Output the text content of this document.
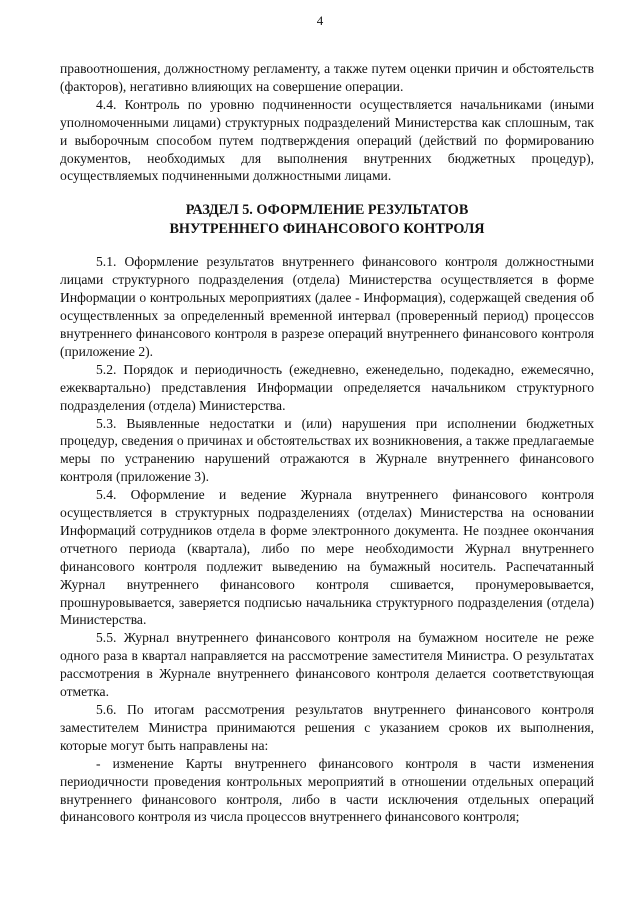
4

правоотношения, должностному регламенту, а также путем оценки причин и обстоятельств (факторов), негативно влияющих на совершение операции.

4.4. Контроль по уровню подчиненности осуществляется начальниками (иными уполномоченными лицами) структурных подразделений Министерства как сплошным, так и выборочным способом путем подтверждения операций (действий по формированию документов, необходимых для выполнения внутренних бюджетных процедур), осуществляемых подчиненными должностными лицами.

РАЗДЕЛ 5. ОФОРМЛЕНИЕ РЕЗУЛЬТАТОВ
ВНУТРЕННЕГО ФИНАНСОВОГО КОНТРОЛЯ

5.1. Оформление результатов внутреннего финансового контроля должностными лицами структурного подразделения (отдела) Министерства осуществляется в форме Информации о контрольных мероприятиях (далее - Информация), содержащей сведения об осуществленных за определенный временной интервал (проверенный период) процессов внутреннего финансового контроля в разрезе операций внутреннего финансового контроля (приложение 2).

5.2. Порядок и периодичность (ежедневно, еженедельно, подекадно, ежемесячно, ежеквартально) представления Информации определяется начальником структурного подразделения (отдела) Министерства.

5.3. Выявленные недостатки и (или) нарушения при исполнении бюджетных процедур, сведения о причинах и обстоятельствах их возникновения, а также предлагаемые меры по устранению нарушений отражаются в Журнале внутреннего финансового контроля (приложение 3).

5.4. Оформление и ведение Журнала внутреннего финансового контроля осуществляется в структурных подразделениях (отделах) Министерства на основании Информаций сотрудников отдела в форме электронного документа. Не позднее окончания отчетного периода (квартала), либо по мере необходимости Журнал внутреннего финансового контроля подлежит выведению на бумажный носитель. Распечатанный Журнал внутреннего финансового контроля сшивается, пронумеровывается, прошнуровывается, заверяется подписью начальника структурного подразделения (отдела) Министерства.

5.5. Журнал внутреннего финансового контроля на бумажном носителе не реже одного раза в квартал направляется на рассмотрение заместителя Министра. О результатах рассмотрения в Журнале внутреннего финансового контроля делается соответствующая отметка.

5.6. По итогам рассмотрения результатов внутреннего финансового контроля заместителем Министра принимаются решения с указанием сроков их выполнения, которые могут быть направлены на:

- изменение Карты внутреннего финансового контроля в части изменения периодичности проведения контрольных мероприятий в отношении отдельных операций внутреннего финансового контроля, либо в части исключения отдельных операций финансового контроля из числа процессов внутреннего финансового контроля;
